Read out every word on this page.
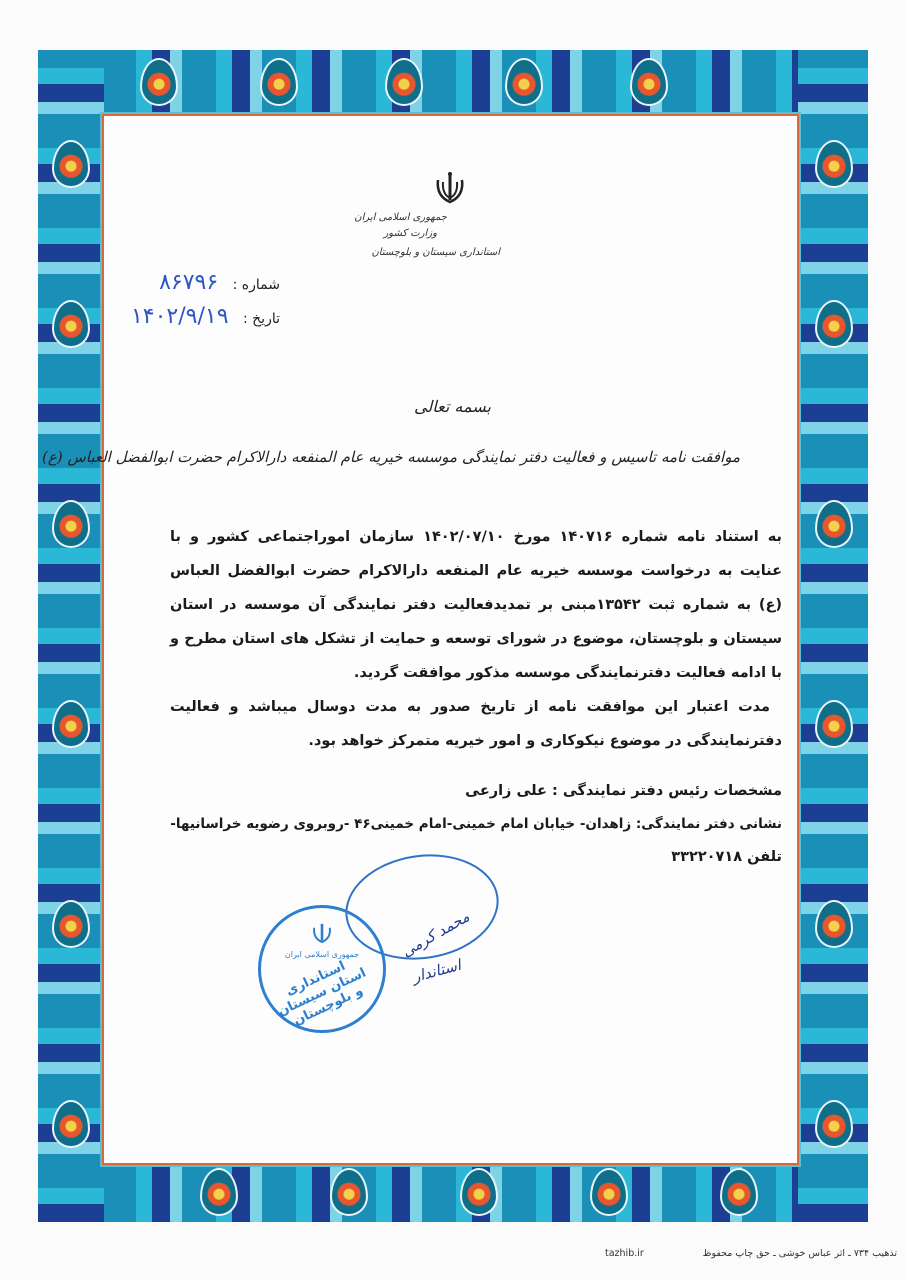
جمهوری اسلامی ایران
وزارت کشور
استانداری سیستان و بلوچستان
شماره : ۸۶۷۹۶
تاریخ : ۱۴۰۲/۹/۱۹
بسمه تعالی
موافقت نامه تاسیس و فعالیت دفتر نمایندگی موسسه خیریه عام المنفعه دارالاکرام حضرت ابوالفضل العباس (ع)

به استناد نامه شماره ۱۴۰۷۱۶ مورخ ۱۴۰۲/۰۷/۱۰ سازمان اموراجتماعی کشور و با عنایت به درخواست موسسه خیریه عام المنفعه دارالاکرام حضرت ابوالفضل العباس (ع) به شماره ثبت ۱۳۵۴۲مبنی بر تمدیدفعالیت دفتر نمایندگی آن موسسه در استان سیستان و بلوچستان، موضوع در شورای توسعه و حمایت از تشکل های استان مطرح و با ادامه فعالیت دفترنمایندگی موسسه مذکور موافقت گردید.

مدت اعتبار این موافقت نامه از تاریخ صدور به مدت دوسال میباشد و فعالیت دفترنمایندگی در موضوع نیکوکاری و امور خیریه متمرکز خواهد بود.

مشخصات رئیس دفتر نمایندگی : علی زارعی
نشانی دفتر نمایندگی: زاهدان- خیابان امام خمینی-امام خمینی۴۶ -روبروی رضویه خراسانیها-
تلفن ۳۳۲۲۰۷۱۸
جمهوری اسلامی ایران
استانداری استان سیستان و بلوچستان
محمد کرمی
استاندار
تذهیب ۷۳۴ ـ اثر عباس خوشی ـ حق چاپ محفوظ
tazhib.ir
